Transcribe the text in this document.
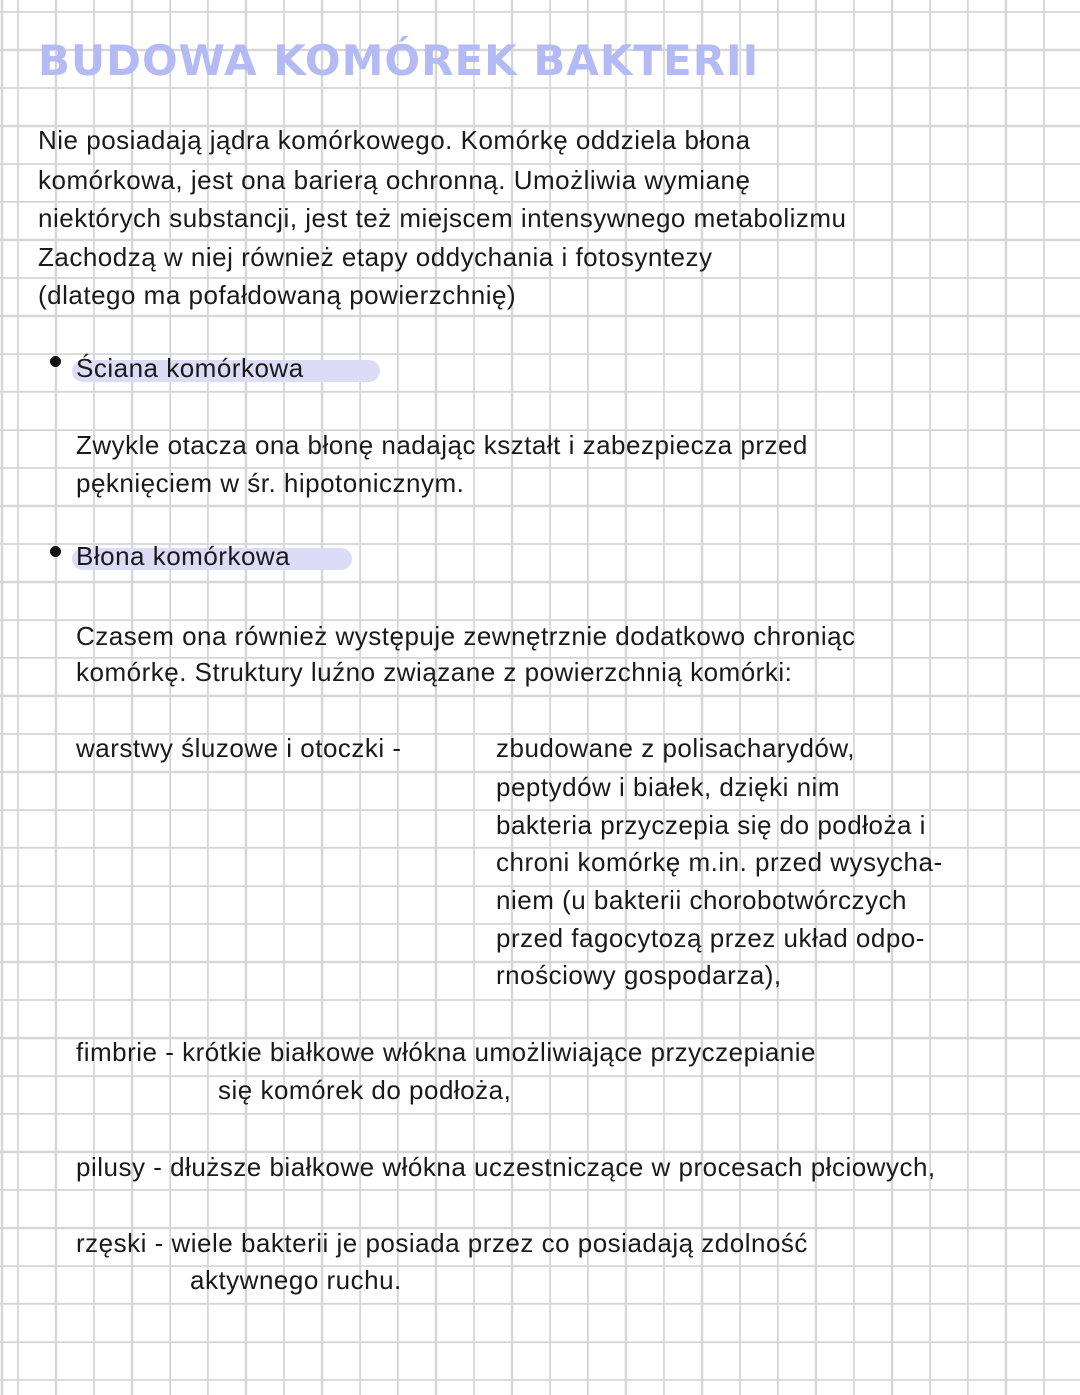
BUDOWA KOMÓREK BAKTERII
Nie posiadają jądra komórkowego. Komórkę oddziela błona
komórkowa, jest ona barierą ochronną. Umożliwia wymianę
niektórych substancji, jest też miejscem intensywnego metabolizmu
Zachodzą w niej również etapy oddychania i fotosyntezy
(dlatego ma pofałdowaną powierzchnię)
Ściana komórkowa
Zwykle otacza ona błonę nadając kształt i zabezpiecza przed
pęknięciem w śr. hipotonicznym.
Błona komórkowa
Czasem ona również występuje zewnętrznie dodatkowo chroniąc
komórkę. Struktury luźno związane z powierzchnią komórki:
warstwy śluzowe i otoczki -	zbudowane z polisacharydów,
peptydów i białek, dzięki nim
bakteria przyczepia się do podłoża i
chroni komórkę m.in. przed wysycha-
niem (u bakterii chorobotwórczych
przed fagocytozą przez układ odpo-
rnościowy gospodarza),
fimbrie - krótkie białkowe włókna umożliwiające przyczepianie
się komórek do podłoża,
pilusy - dłuższe białkowe włókna uczestniczące w procesach płciowych,
rzęski - wiele bakterii je posiada przez co posiadają zdolność
aktywnego ruchu.
